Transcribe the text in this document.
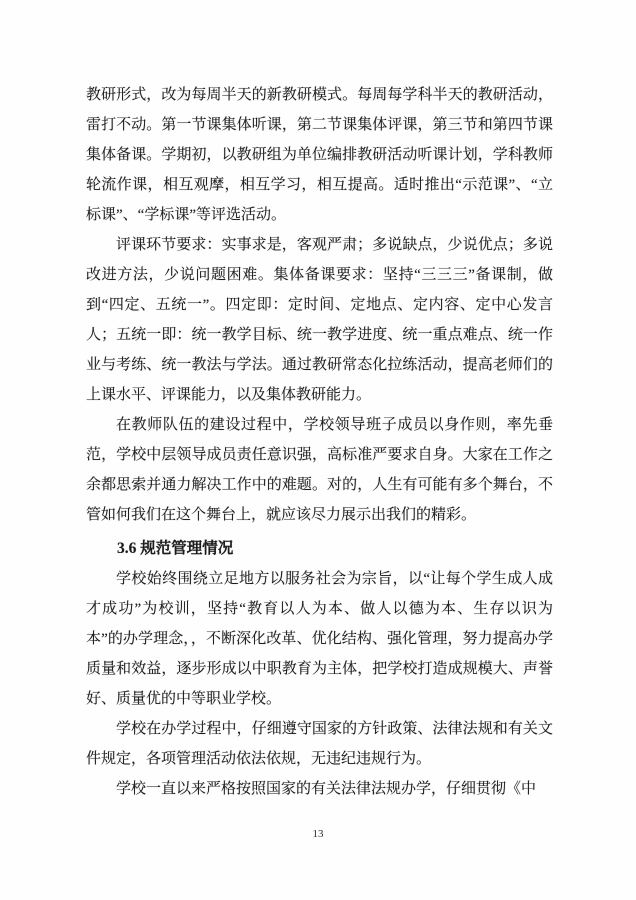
教研形式，改为每周半天的新教研模式。每周每学科半天的教研活动，雷打不动。第一节课集体听课，第二节课集体评课，第三节和第四节课集体备课。学期初，以教研组为单位编排教研活动听课计划，学科教师轮流作课，相互观摩，相互学习，相互提高。适时推出“示范课”、“立标课”、“学标课”等评选活动。

评课环节要求：实事求是，客观严肃；多说缺点，少说优点；多说改进方法，少说问题困难。集体备课要求：坚持“三三三”备课制，做到“四定、五统一”。四定即：定时间、定地点、定内容、定中心发言人；五统一即：统一教学目标、统一教学进度、统一重点难点、统一作业与考练、统一教法与学法。通过教研常态化拉练活动，提高老师们的上课水平、评课能力，以及集体教研能力。

在教师队伍的建设过程中，学校领导班子成员以身作则，率先垂范，学校中层领导成员责任意识强，高标准严要求自身。大家在工作之余都思索并通力解决工作中的难题。对的，人生有可能有多个舞台，不管如何我们在这个舞台上，就应该尽力展示出我们的精彩。

3.6 规范管理情况

学校始终围绕立足地方以服务社会为宗旨，以“让每个学生成人成才成功”为校训，坚持“教育以人为本、做人以德为本、生存以识为本”的办学理念，，不断深化改革、优化结构、强化管理，努力提高办学质量和效益，逐步形成以中职教育为主体，把学校打造成规模大、声誉好、质量优的中等职业学校。

学校在办学过程中，仔细遵守国家的方针政策、法律法规和有关文件规定，各项管理活动依法依规，无违纪违规行为。

学校一直以来严格按照国家的有关法律法规办学，仔细贯彻《中

13
